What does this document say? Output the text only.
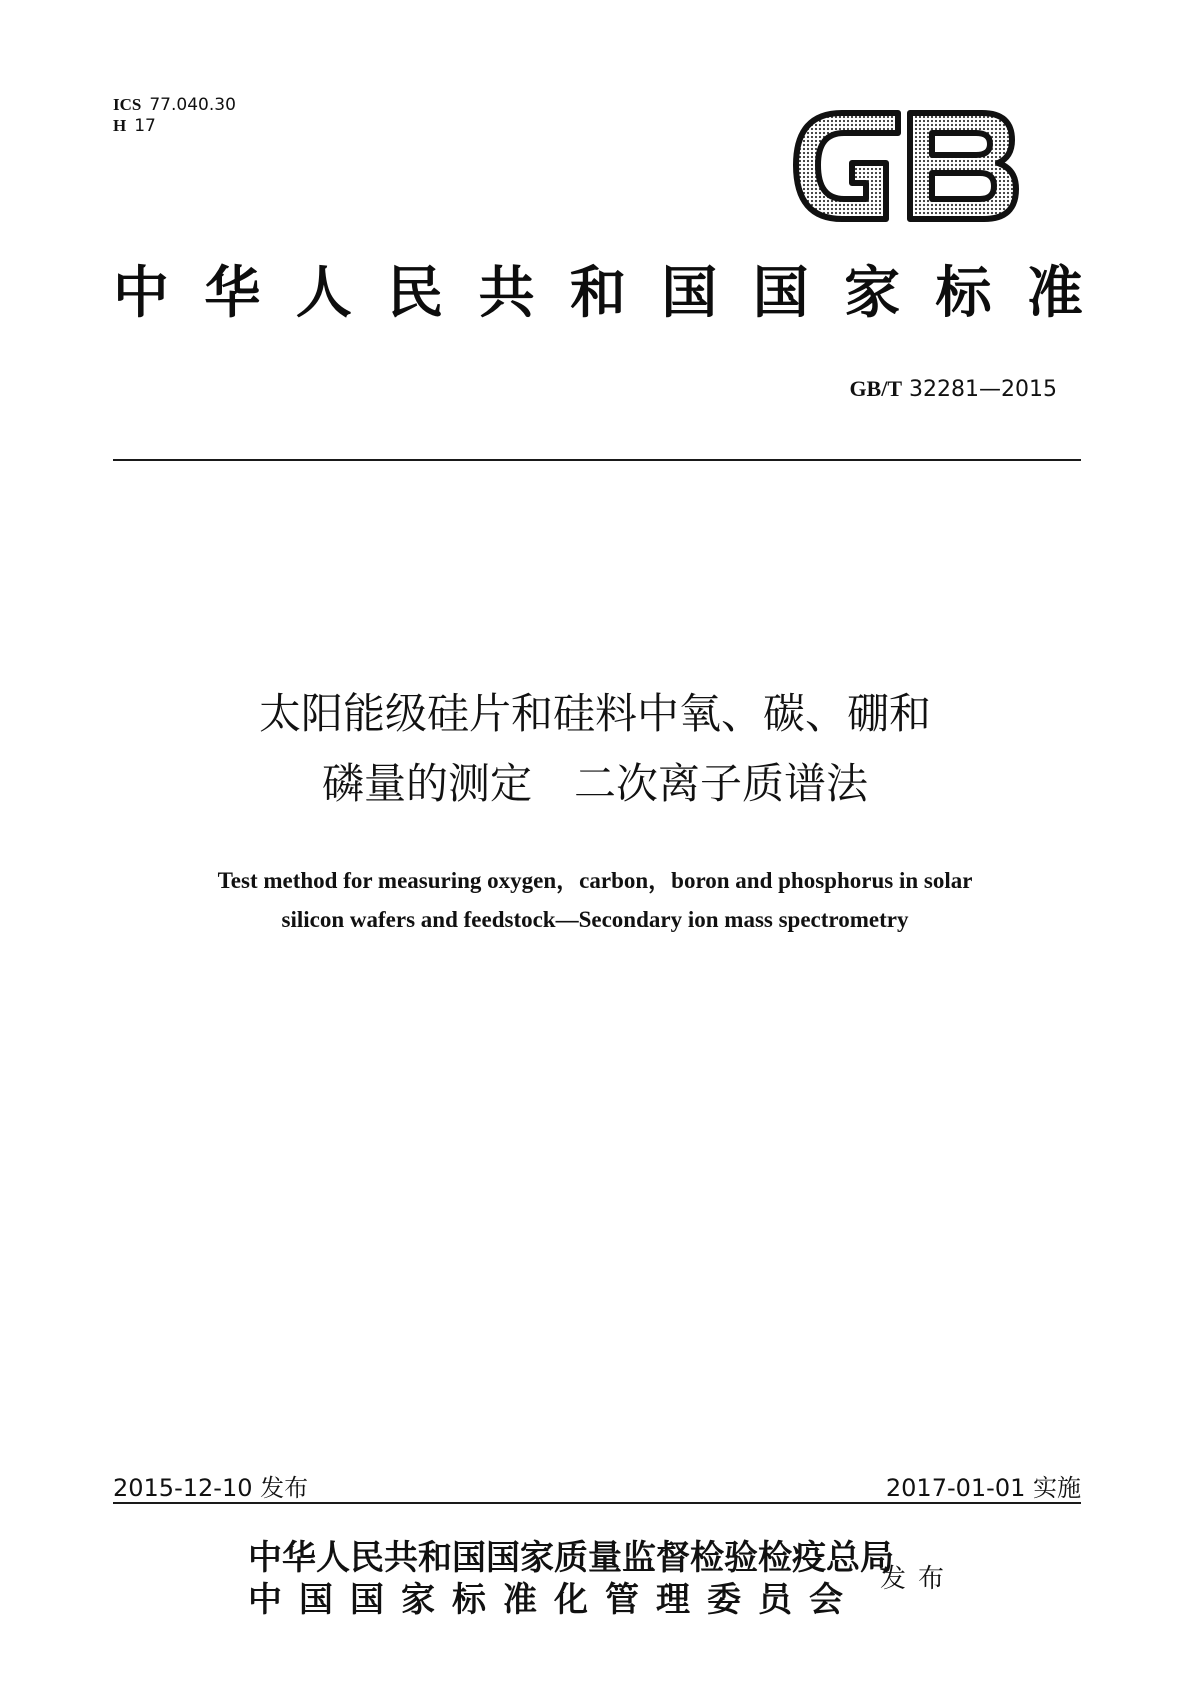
ICS 77.040.30
H 17
中 华 人 民 共 和 国 国 家 标 准
GB/T 32281—2015
太阳能级硅片和硅料中氧、碳、硼和
磷量的测定　二次离子质谱法
Test method for measuring oxygen，carbon，boron and phosphorus in solar
silicon wafers and feedstock—Secondary ion mass spectrometry
2015-12-10 发布	2017-01-01 实施
中华人民共和国国家质量监督检验检疫总局
中国国家标准化管理委员会
发布
